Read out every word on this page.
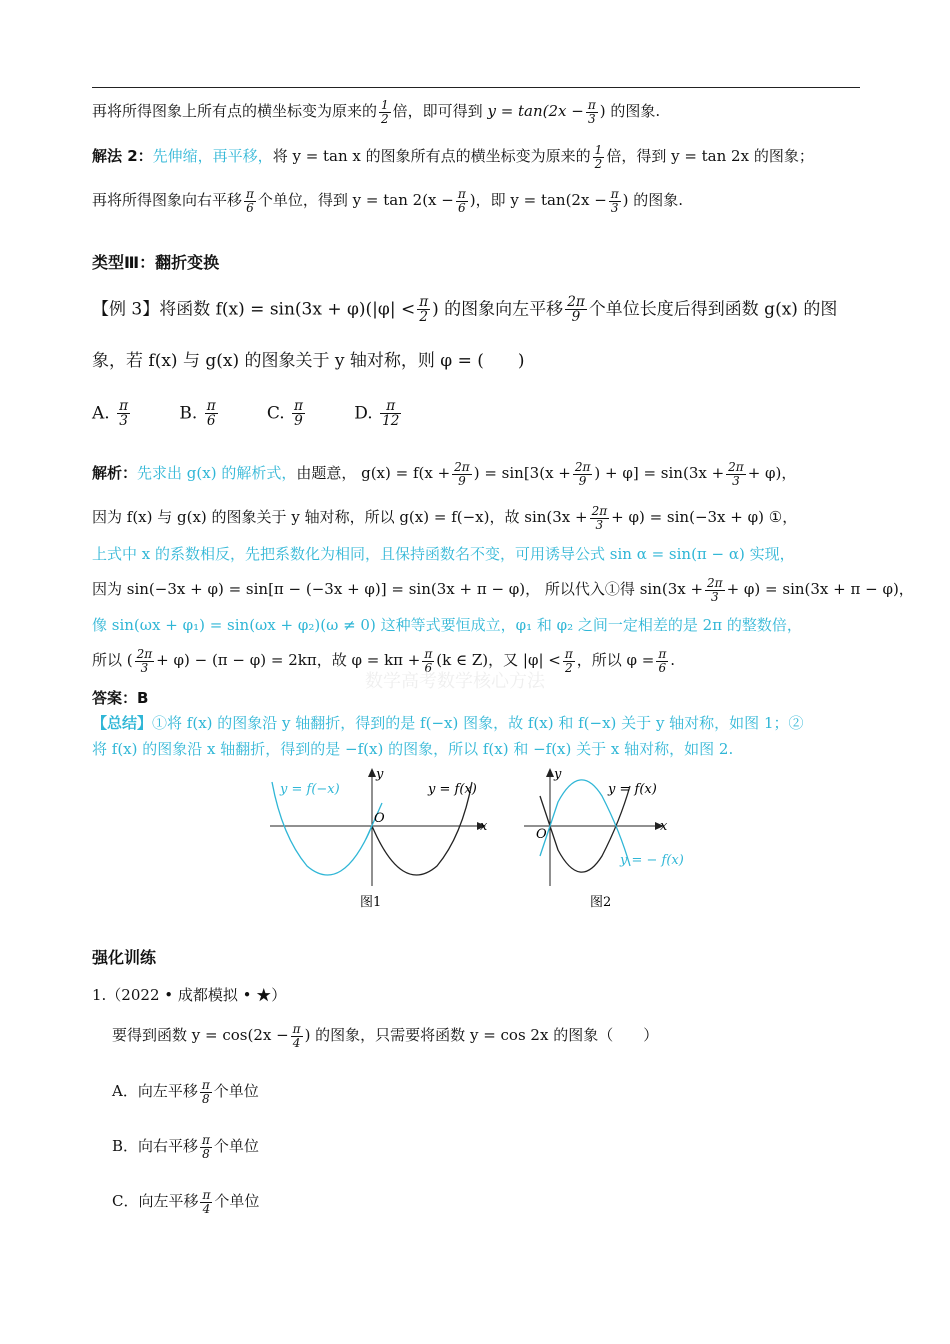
再将所得图象上所有点的横坐标变为原来的 $\frac{1}{2}$ 倍，即可得到 $y = \tan(2x - \frac{\pi}{3}$ ) 的图象.
解法 2：先伸缩，再平移，将 y = tan x 的图象所有点的横坐标变为原来的 $\frac{1}{2}$ 倍，得到 y = tan 2x 的图象；
再将所得图象向右平移 $\frac{\pi}{6}$ 个单位，得到 $y = \tan 2(x - \frac{\pi}{6}$ )，即 $y = \tan(2x - \frac{\pi}{3}$ ) 的图象.
类型Ⅲ：翻折变换
【例 3】将函数 $f(x) = \sin(3x + \varphi)(|\varphi| < \frac{\pi}{2}$ ) 的图象向左平移 $\frac{2\pi}{9}$ 个单位长度后得到函数 g(x) 的图
象，若 f(x) 与 g(x) 的图象关于 y 轴对称，则 φ = (　　)
A. $\frac{\pi}{3}$	B. $\frac{\pi}{6}$	C. $\frac{\pi}{9}$	D. $\frac{\pi}{12}$
解析：先求出 g(x) 的解析式，由题意， $g(x) = f(x + \frac{2\pi}{9}$ ) = $\sin[3(x + \frac{2\pi}{9}$ ) + $\varphi] = \sin(3x + \frac{2\pi}{3} + \varphi)$，
因为 f(x) 与 g(x) 的图象关于 y 轴对称，所以 g(x) = f(−x)，故 $\sin(3x + \frac{2\pi}{3} + \varphi) = \sin(-3x + \varphi)$ ①，
上式中 x 的系数相反，先把系数化为相同，且保持函数名不变，可用诱导公式 sin α = sin(π − α) 实现，
因为 sin(−3x + φ) = sin[π − (−3x + φ)] = sin(3x + π − φ)， 所以代入①得 $\sin(3x + \frac{2\pi}{3} + \varphi) = \sin(3x + \pi - \varphi)$，
像 sin(ωx + φ₁) = sin(ωx + φ₂)(ω ≠ 0) 这种等式要恒成立，φ₁ 和 φ₂ 之间一定相差的是 2π 的整数倍，
所以 ( $\frac{2\pi}{3} + \varphi) - (\pi - \varphi) = 2k\pi$，故 $\varphi = k\pi + \frac{\pi}{6} (k$ ∈ Z)，又 $|\varphi| < \frac{\pi}{2}$ ，所以 $\varphi = \frac{\pi}{6}$ .
数学高考数学核心方法
答案：B
【总结】①将 f(x) 的图象沿 y 轴翻折，得到的是 f(−x) 图象，故 f(x) 和 f(−x) 关于 y 轴对称，如图 1；②
将 f(x) 的图象沿 x 轴翻折，得到的是 −f(x) 的图象，所以 f(x) 和 −f(x) 关于 x 轴对称，如图 2.
y = f(−x)	y = f(x)
O
x
y
图1
y = f(x)
y = − f(x)
O
x
y
图2
强化训练
1.（2022 • 成都模拟 • ★）
要得到函数 $y = \cos(2x - \frac{\pi}{4}$ ) 的图象，只需要将函数 y = cos 2x 的图象（　　）
A．向左平移 $\frac{\pi}{8}$ 个单位
B．向右平移 $\frac{\pi}{8}$ 个单位
C．向左平移 $\frac{\pi}{4}$ 个单位
